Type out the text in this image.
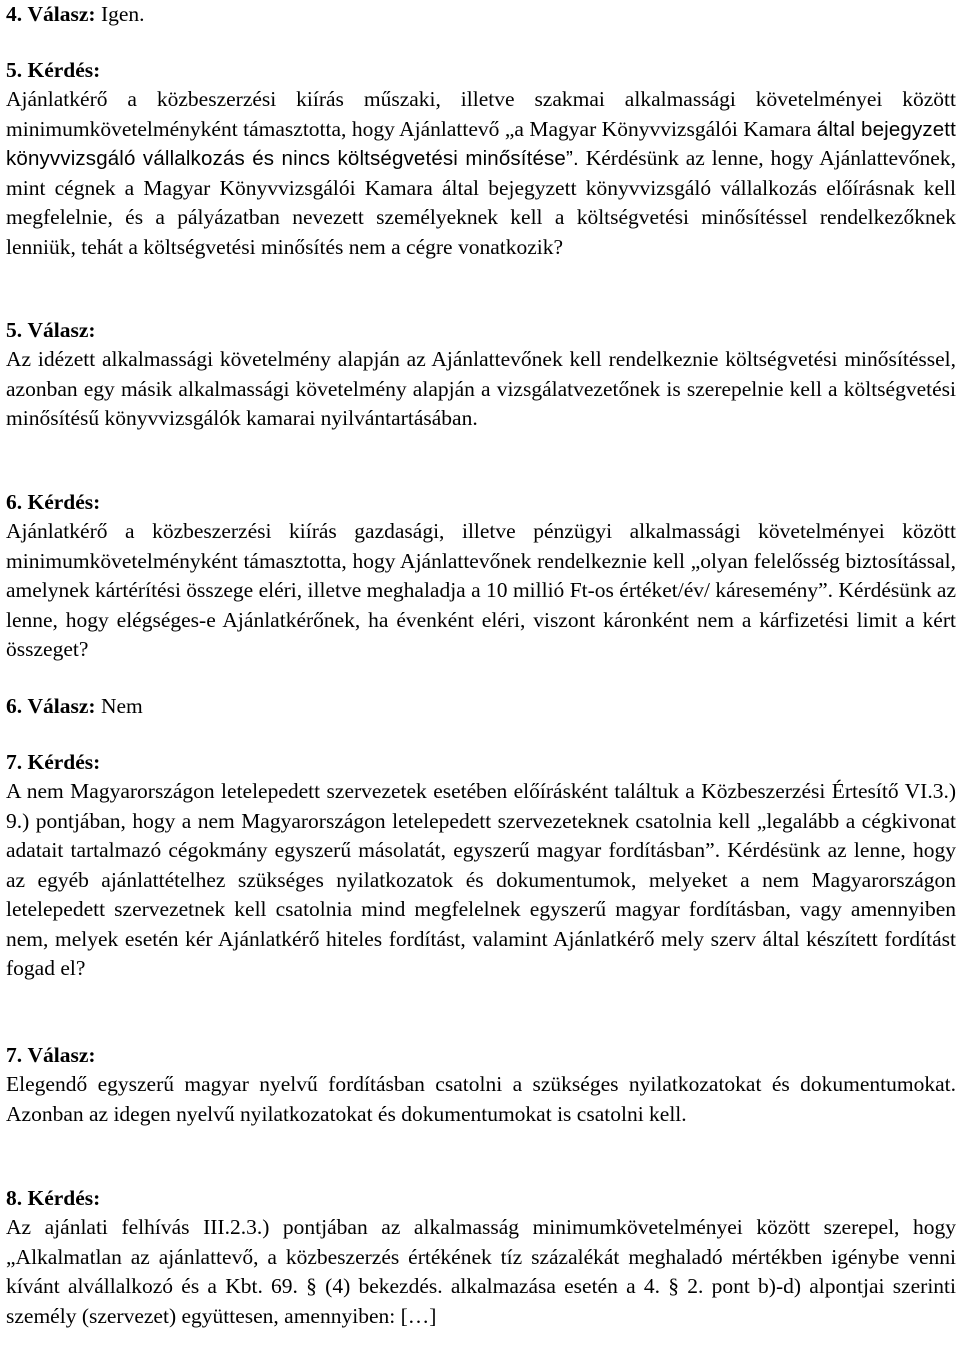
4. Válasz: Igen.
5. Kérdés:
Ajánlatkérő a közbeszerzési kiírás műszaki, illetve szakmai alkalmassági követelményei között minimumkövetelményként támasztotta, hogy Ajánlattevő „a Magyar Könyvvizsgálói Kamara által bejegyzett könyvvizsgáló vállalkozás és nincs költségvetési minősítése”. Kérdésünk az lenne, hogy Ajánlattevőnek, mint cégnek a Magyar Könyvvizsgálói Kamara által bejegyzett könyvvizsgáló vállalkozás előírásnak kell megfelelnie, és a pályázatban nevezett személyeknek kell a költségvetési minősítéssel rendelkezőknek lenniük, tehát a költségvetési minősítés nem a cégre vonatkozik?
5. Válasz:
Az idézett alkalmassági követelmény alapján az Ajánlattevőnek kell rendelkeznie költségvetési minősítéssel, azonban egy másik alkalmassági követelmény alapján a vizsgálatvezetőnek is szerepelnie kell a költségvetési minősítésű könyvvizsgálók kamarai nyilvántartásában.
6. Kérdés:
Ajánlatkérő a közbeszerzési kiírás gazdasági, illetve pénzügyi alkalmassági követelményei között minimumkövetelményként támasztotta, hogy Ajánlattevőnek rendelkeznie kell „olyan felelősség biztosítással, amelynek kártérítési összege eléri, illetve meghaladja a 10 millió Ft-os értéket/év/ káresemény”. Kérdésünk az lenne, hogy elégséges-e Ajánlatkérőnek, ha évenként eléri, viszont káronként nem a kárfizetési limit a kért összeget?
6. Válasz: Nem
7. Kérdés:
A nem Magyarországon letelepedett szervezetek esetében előírásként találtuk a Közbeszerzési Értesítő VI.3.) 9.) pontjában, hogy a nem Magyarországon letelepedett szervezeteknek csatolnia kell „legalább a cégkivonat adatait tartalmazó cégokmány egyszerű másolatát, egyszerű magyar fordításban”. Kérdésünk az lenne, hogy az egyéb ajánlattételhez szükséges nyilatkozatok és dokumentumok, melyeket a nem Magyarországon letelepedett szervezetnek kell csatolnia mind megfelelnek egyszerű magyar fordításban, vagy amennyiben nem, melyek esetén kér Ajánlatkérő hiteles fordítást, valamint Ajánlatkérő mely szerv által készített fordítást fogad el?
7. Válasz:
Elegendő egyszerű magyar nyelvű fordításban csatolni a szükséges nyilatkozatokat és dokumentumokat. Azonban az idegen nyelvű nyilatkozatokat és dokumentumokat is csatolni kell.
8. Kérdés:
Az ajánlati felhívás III.2.3.) pontjában az alkalmasság minimumkövetelményei között szerepel, hogy „Alkalmatlan az ajánlattevő, a közbeszerzés értékének tíz százalékát meghaladó mértékben igénybe venni kívánt alvállalkozó és a Kbt. 69. § (4) bekezdés. alkalmazása esetén a 4. § 2. pont b)-d) alpontjai szerinti személy (szervezet) együttesen, amennyiben: […]
